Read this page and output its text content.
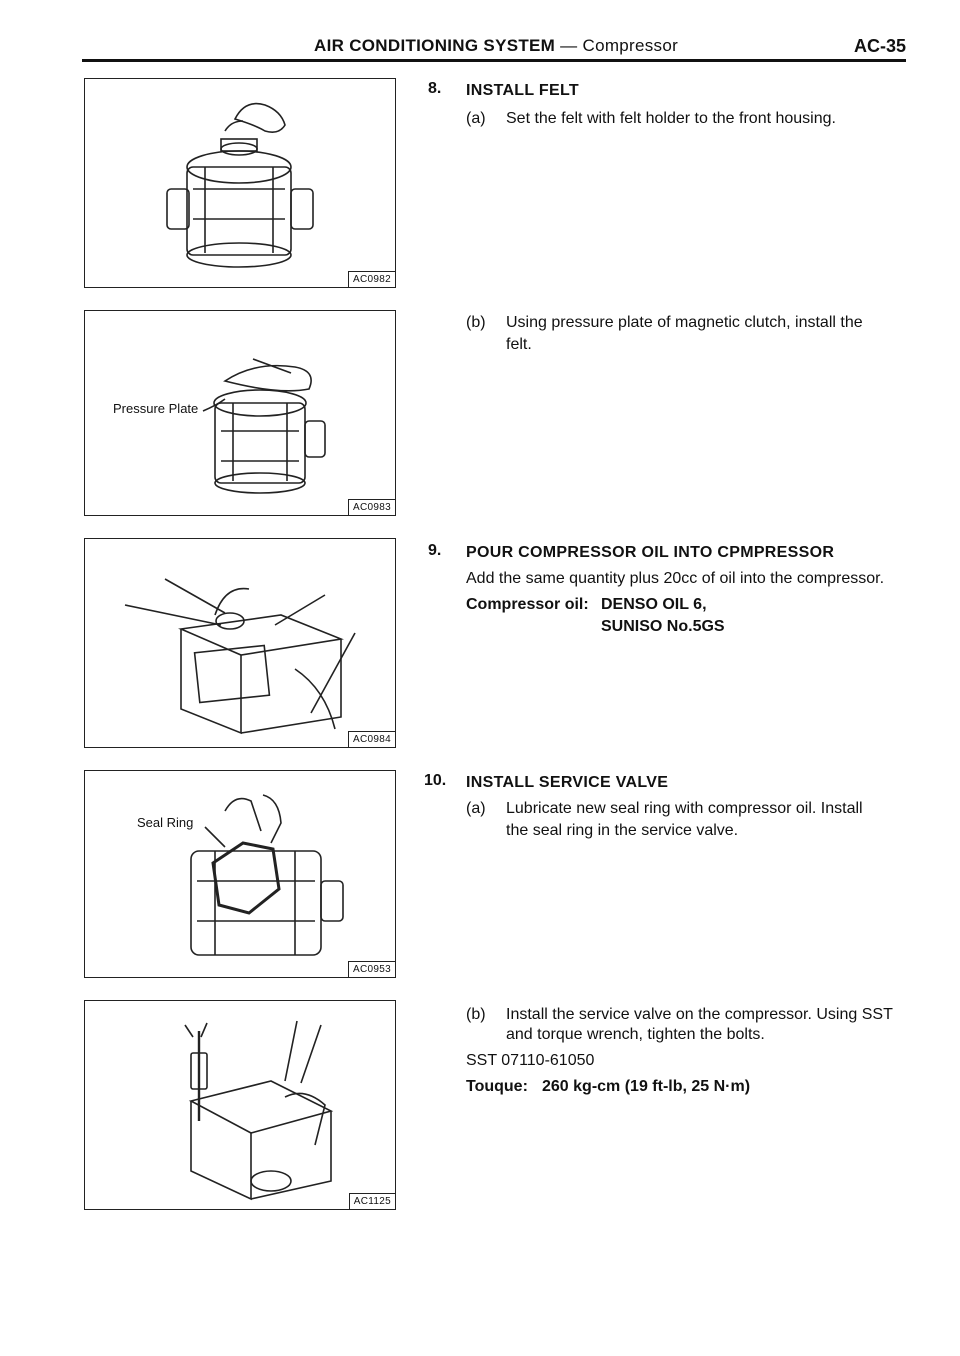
AIR CONDITIONING SYSTEM — Compressor	AC-35
AC0982
Pressure Plate
AC0983
AC0984
Seal Ring
AC0953
AC1125
8. INSTALL FELT
(a) Set the felt with felt holder to the front housing.
(b) Using pressure plate of magnetic clutch, install the
felt.
9. POUR COMPRESSOR OIL INTO CPMPRESSOR
Add the same quantity plus 20cc of oil into the compressor.
Compressor oil: DENSO OIL 6,
SUNISO No.5GS
10. INSTALL SERVICE VALVE
(a) Lubricate new seal ring with compressor oil. Install
the seal ring in the service valve.
(b) Install the service valve on the compressor. Using SST
and torque wrench, tighten the bolts.
SST 07110-61050
Touque: 260 kg-cm (19 ft-lb, 25 N·m)
